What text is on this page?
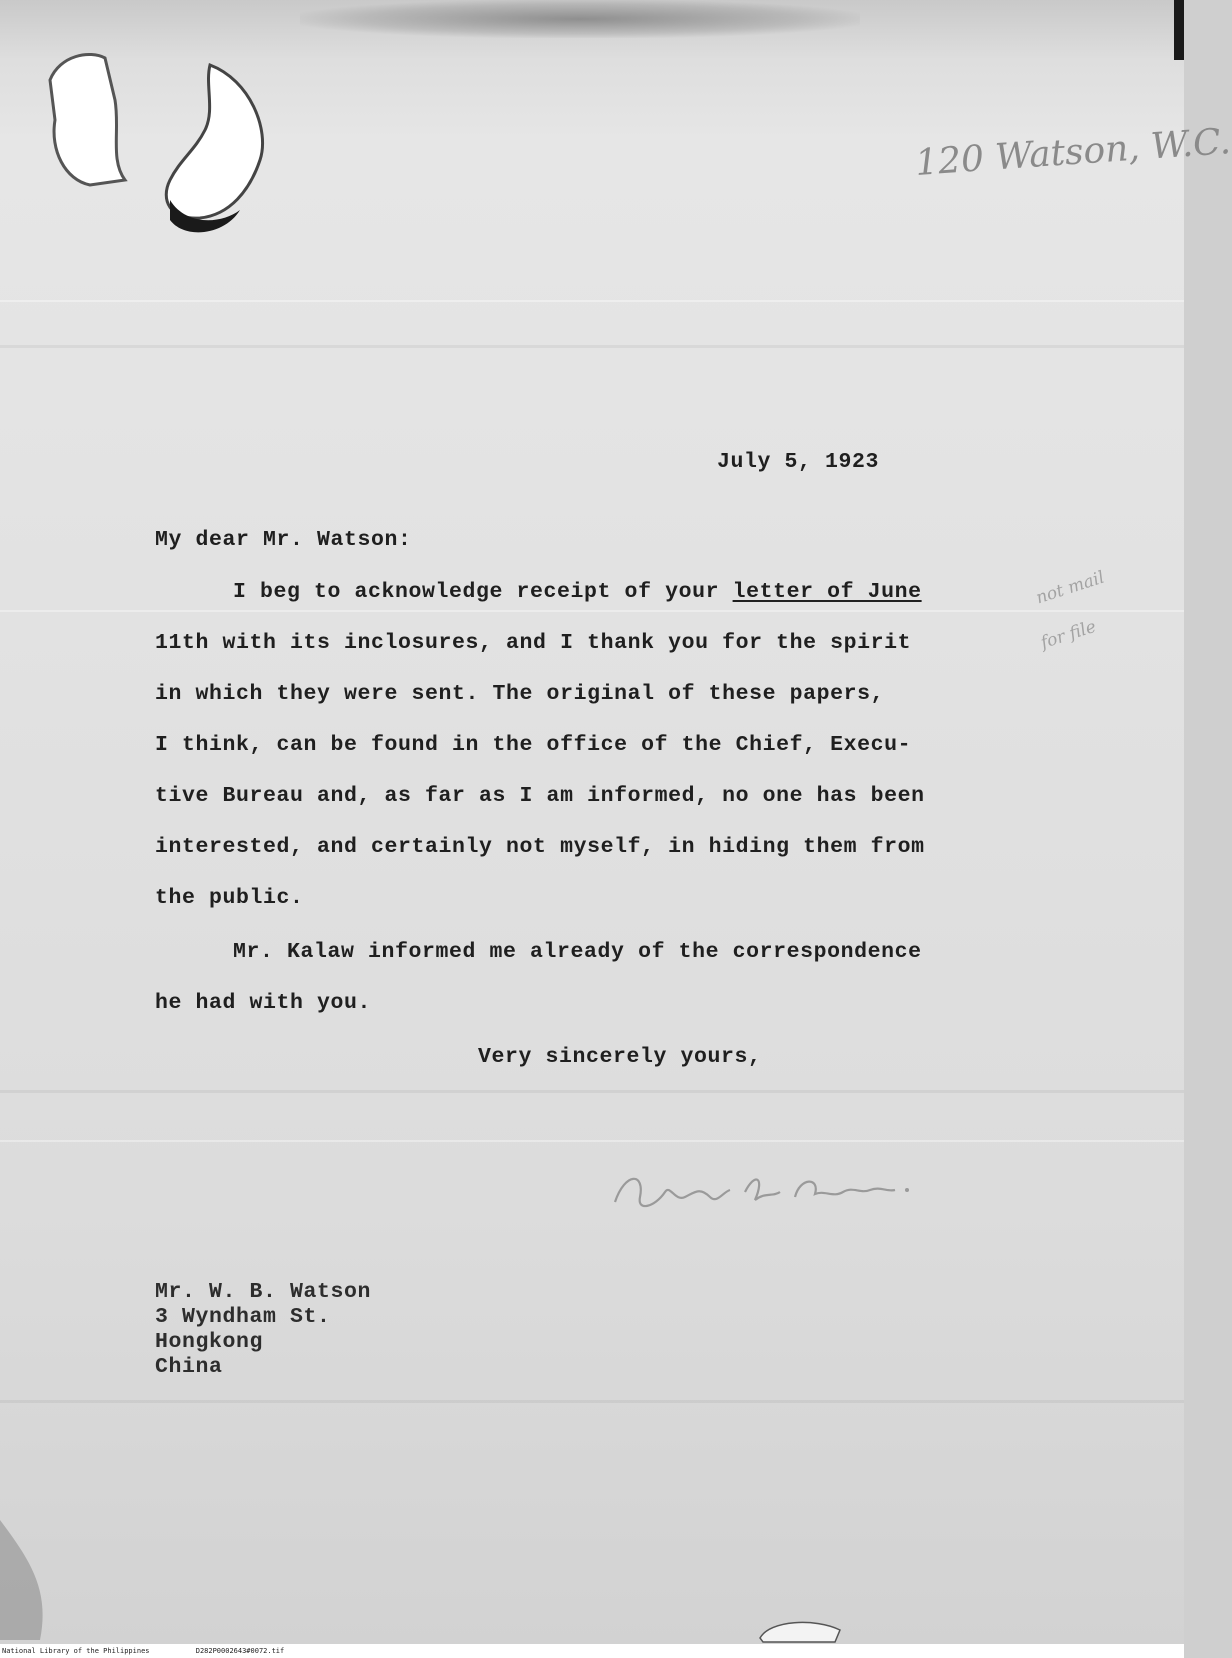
120 Watson, W.C.
not mail
for file
July 5, 1923
My dear Mr. Watson:
I beg to acknowledge receipt of your letter of June
11th with its inclosures, and I thank you for the spirit
in which they were sent. The original of these papers,
I think, can be found in the office of the Chief, Execu-
tive Bureau and, as far as I am informed, no one has been
interested, and certainly not myself, in hiding them from
the public.
Mr. Kalaw informed me already of the correspondence
he had with you.
Very sincerely yours,
Mr. W. B. Watson
3 Wyndham St.
Hongkong
China
National Library of the Philippines	D282P0002643#0072.tif
